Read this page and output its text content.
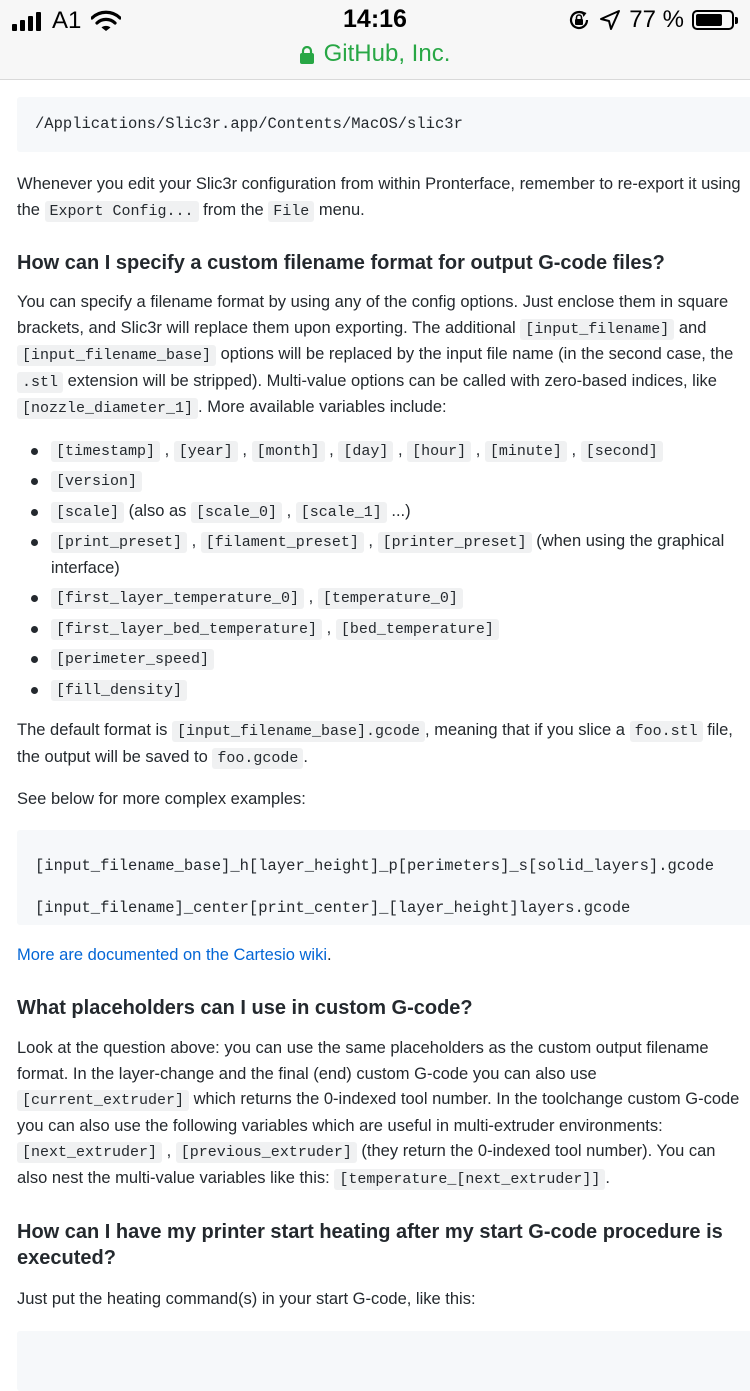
A1	14:16	77 %
GitHub, Inc.
/Applications/Slic3r.app/Contents/MacOS/slic3r

Whenever you edit your Slic3r configuration from within Pronterface, remember to re-export it using the Export Config... from the File menu.

How can I specify a custom filename format for output G-code files?

You can specify a filename format by using any of the config options. Just enclose them in square brackets, and Slic3r will replace them upon exporting. The additional [input_filename] and [input_filename_base] options will be replaced by the input file name (in the second case, the .stl extension will be stripped). Multi-value options can be called with zero-based indices, like [nozzle_diameter_1] . More available variables include:

[timestamp] , [year] , [month] , [day] , [hour] , [minute] , [second]
[version]
[scale] (also as [scale_0] , [scale_1] ...)
[print_preset] , [filament_preset] , [printer_preset] (when using the graphical interface)
[first_layer_temperature_0] , [temperature_0]
[first_layer_bed_temperature] , [bed_temperature]
[perimeter_speed]
[fill_density]

The default format is [input_filename_base].gcode , meaning that if you slice a foo.stl file, the output will be saved to foo.gcode .

See below for more complex examples:

[input_filename_base]_h[layer_height]_p[perimeters]_s[solid_layers].gcode
[input_filename]_center[print_center]_[layer_height]layers.gcode

More are documented on the Cartesio wiki.

What placeholders can I use in custom G-code?

Look at the question above: you can use the same placeholders as the custom output filename format. In the layer-change and the final (end) custom G-code you can also use [current_extruder] which returns the 0-indexed tool number. In the toolchange custom G-code you can also use the following variables which are useful in multi-extruder environments: [next_extruder] , [previous_extruder] (they return the 0-indexed tool number). You can also nest the multi-value variables like this: [temperature_[next_extruder]] .

How can I have my printer start heating after my start G-code procedure is executed?

Just put the heating command(s) in your start G-code, like this:
